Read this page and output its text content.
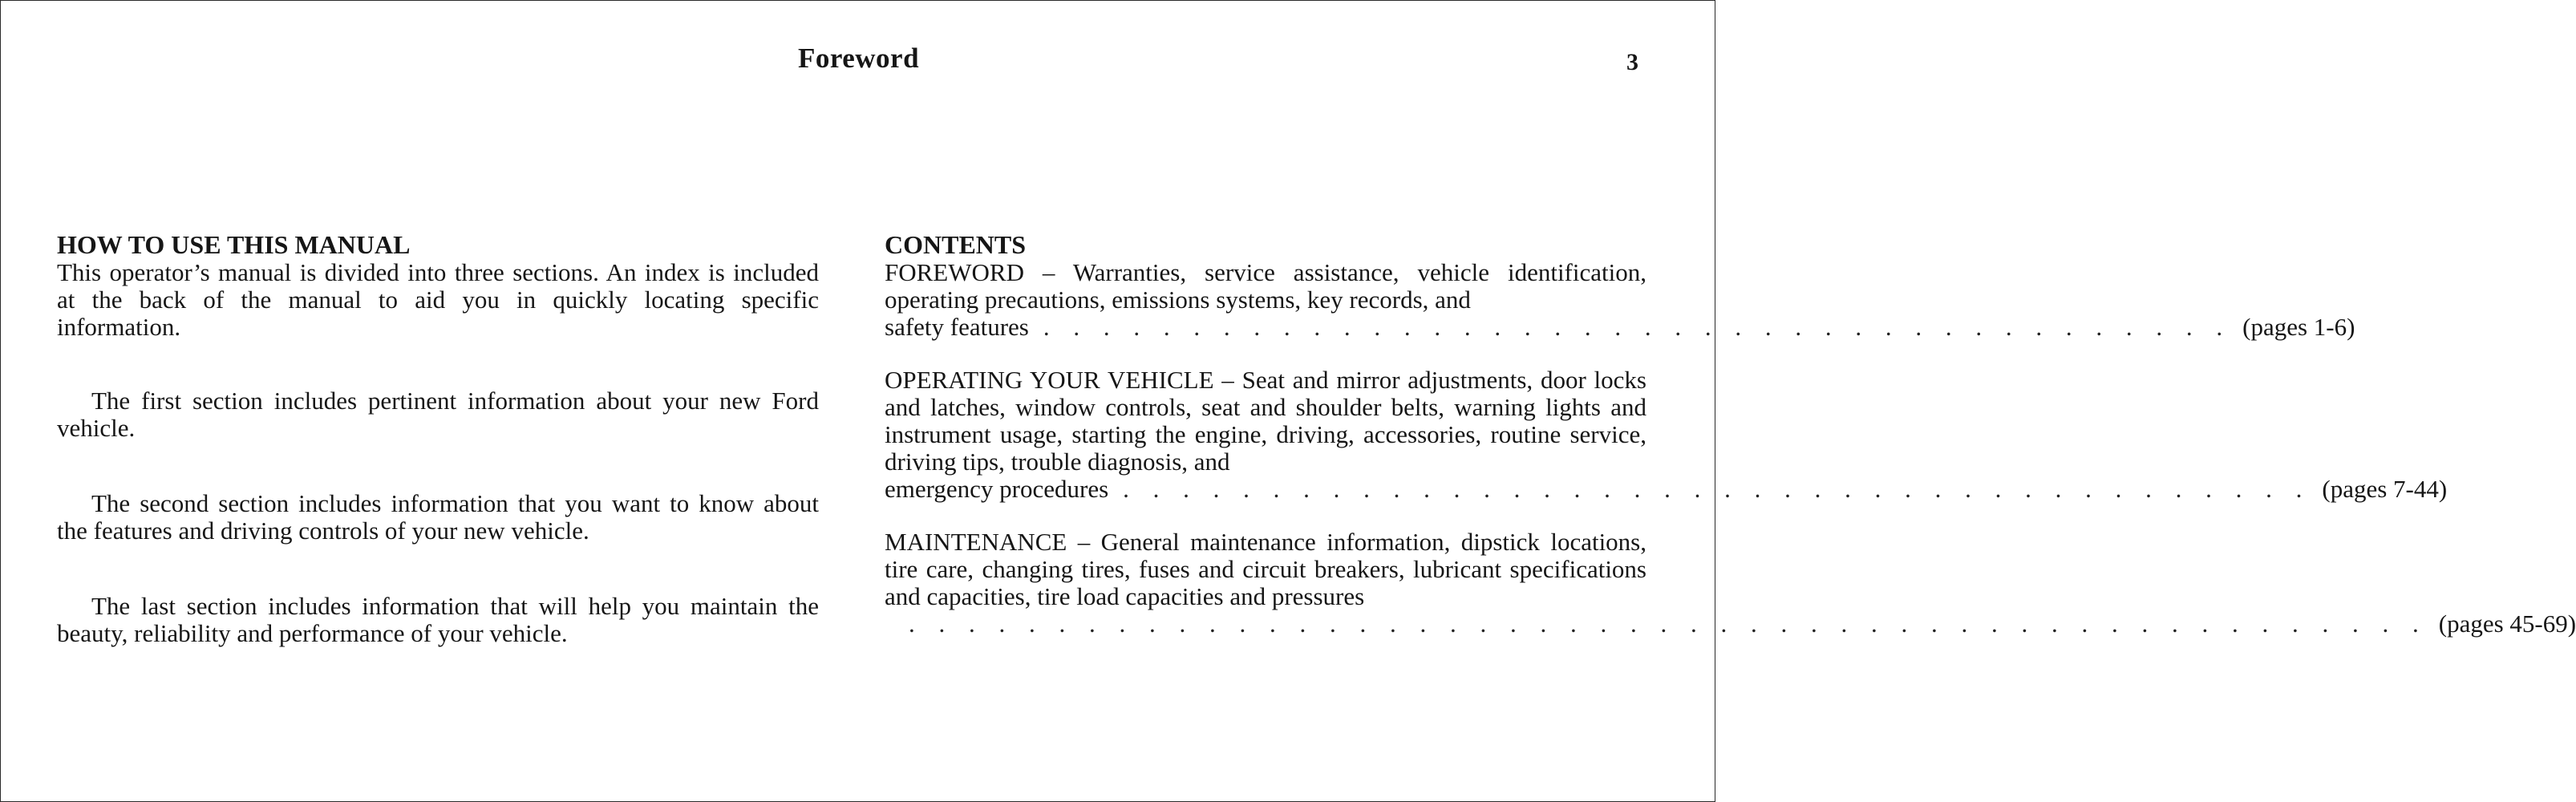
Foreword	3
HOW TO USE THIS MANUAL

This operator’s manual is divided into three sections. An index is included at the back of the manual to aid you in quickly locating specific information.

The first section includes pertinent information about your new Ford vehicle.

The second section includes information that you want to know about the features and driving controls of your new vehicle.

The last section includes information that will help you maintain the beauty, reliability and performance of your vehicle.

CONTENTS

FOREWORD – Warranties, service assistance, vehicle identification, operating precautions, emissions systems, key records, and

safety features . . . . . . . . . . . . . . . . . . . . . . . . . . . . . . . . . . . . . . . . (pages 1-6)

OPERATING YOUR VEHICLE – Seat and mirror adjustments, door locks and latches, window controls, seat and shoulder belts, warning lights and instrument usage, starting the engine, driving, accessories, routine service, driving tips, trouble diagnosis, and

emergency procedures . . . . . . . . . . . . . . . . . . . . . . . . . . . . . . . . . . . . . . . . (pages 7-44)

MAINTENANCE – General maintenance information, dipstick locations, tire care, changing tires, fuses and circuit breakers, lubricant specifications and capacities, tire load capacities and pressures

. . . . . . . . . . . . . . . . . . . . . . . . . . . . . . . . . . . . . . . . . . . . . . . . . . . (pages 45-69)
